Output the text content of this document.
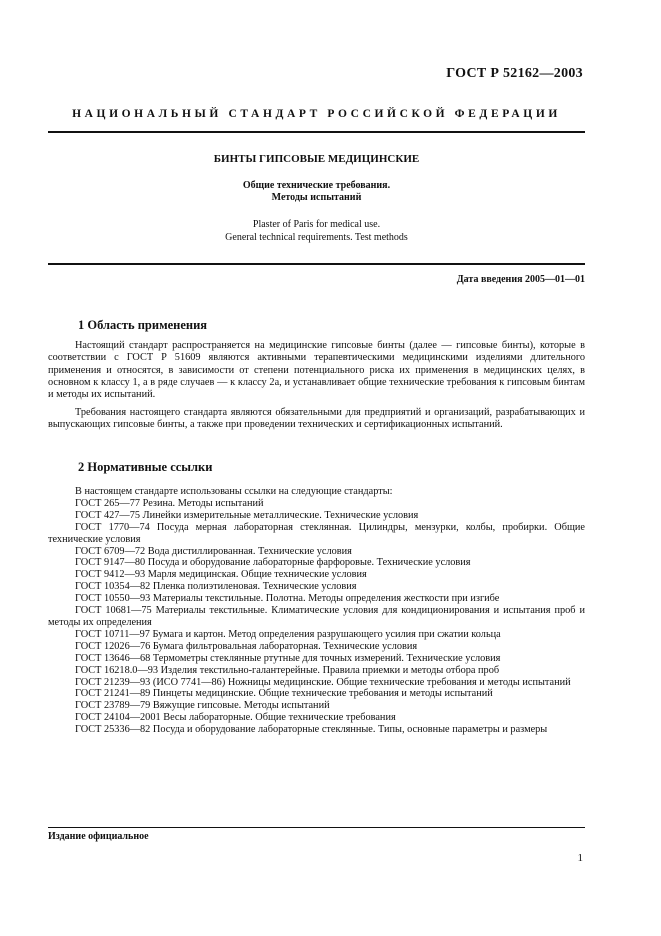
ГОСТ Р 52162—2003
НАЦИОНАЛЬНЫЙ СТАНДАРТ РОССИЙСКОЙ ФЕДЕРАЦИИ
БИНТЫ ГИПСОВЫЕ МЕДИЦИНСКИЕ
Общие технические требования.
Методы испытаний
Plaster of Paris for medical use.
General technical requirements. Test methods
Дата введения 2005—01—01
1 Область применения

Настоящий стандарт распространяется на медицинские гипсовые бинты (далее — гипсовые бинты), которые в соответствии с ГОСТ Р 51609 являются активными терапевтическими медицинскими изделиями длительного применения и относятся, в зависимости от степени потенциального риска их применения в медицинских целях, в основном к классу 1, а в ряде случаев — к классу 2а, и устанавливает общие технические требования к гипсовым бинтам и методы их испытаний.

Требования настоящего стандарта являются обязательными для предприятий и организаций, разрабатывающих и выпускающих гипсовые бинты, а также при проведении технических и сертификационных испытаний.

2 Нормативные ссылки
В настоящем стандарте использованы ссылки на следующие стандарты:
ГОСТ 265—77 Резина. Методы испытаний
ГОСТ 427—75 Линейки измерительные металлические. Технические условия
ГОСТ 1770—74 Посуда мерная лабораторная стеклянная. Цилиндры, мензурки, колбы, пробирки. Общие технические условия
ГОСТ 6709—72 Вода дистиллированная. Технические условия
ГОСТ 9147—80 Посуда и оборудование лабораторные фарфоровые. Технические условия
ГОСТ 9412—93 Марля медицинская. Общие технические условия
ГОСТ 10354—82 Пленка полиэтиленовая. Технические условия
ГОСТ 10550—93 Материалы текстильные. Полотна. Методы определения жесткости при изгибе
ГОСТ 10681—75 Материалы текстильные. Климатические условия для кондиционирования и испытания проб и методы их определения
ГОСТ 10711—97 Бумага и картон. Метод определения разрушающего усилия при сжатии кольца
ГОСТ 12026—76 Бумага фильтровальная лабораторная. Технические условия
ГОСТ 13646—68 Термометры стеклянные ртутные для точных измерений. Технические условия
ГОСТ 16218.0—93 Изделия текстильно-галантерейные. Правила приемки и методы отбора проб
ГОСТ 21239—93 (ИСО 7741—86) Ножницы медицинские. Общие технические требования и методы испытаний
ГОСТ 21241—89 Пинцеты медицинские. Общие технические требования и методы испытаний
ГОСТ 23789—79 Вяжущие гипсовые. Методы испытаний
ГОСТ 24104—2001 Весы лабораторные. Общие технические требования
ГОСТ 25336—82 Посуда и оборудование лабораторные стеклянные. Типы, основные параметры и размеры
Издание официальное
1
